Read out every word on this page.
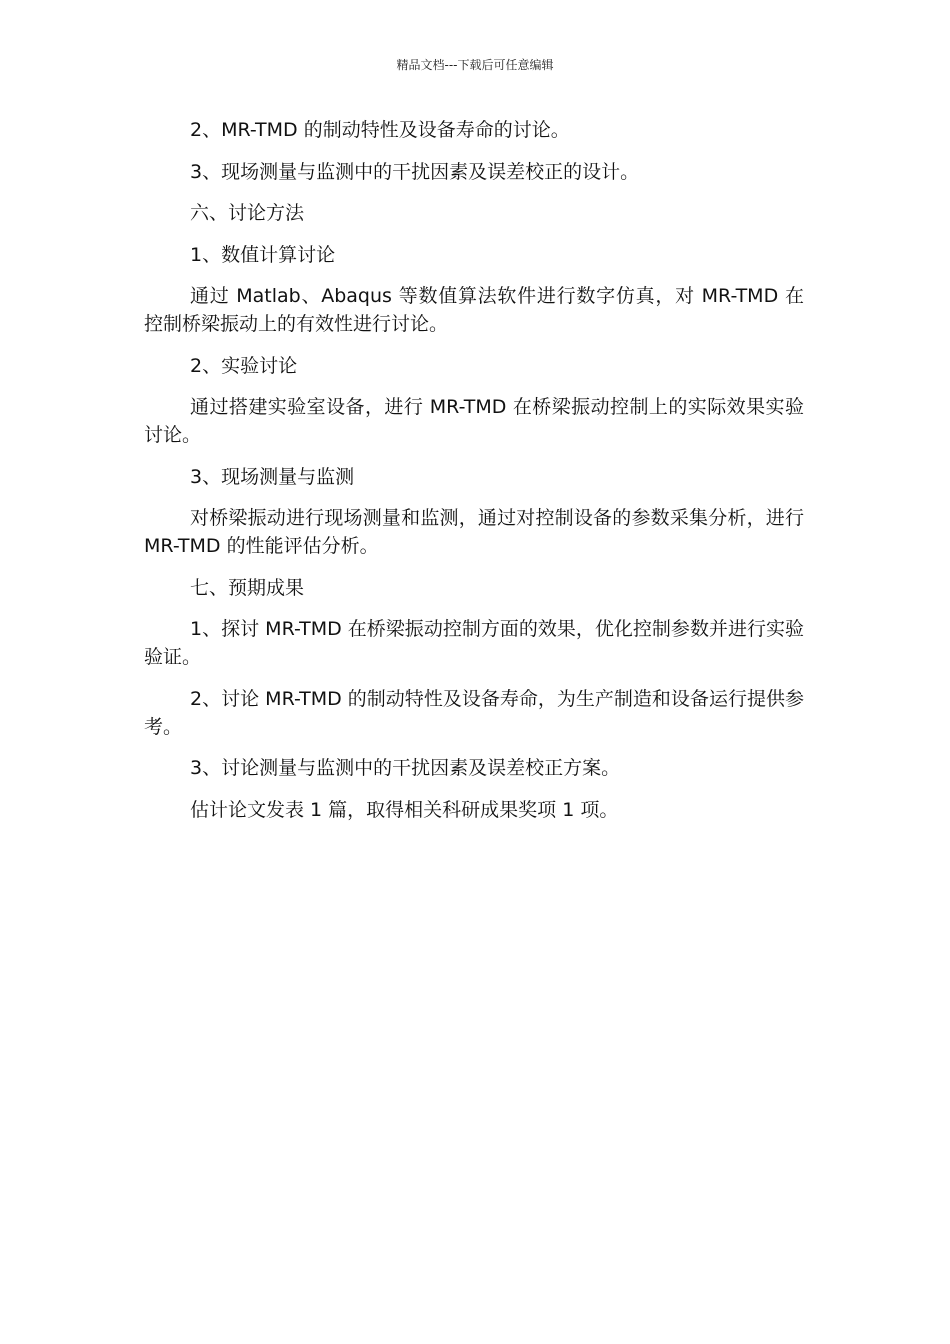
精品文档---下载后可任意编辑

2、MR-TMD 的制动特性及设备寿命的讨论。

3、现场测量与监测中的干扰因素及误差校正的设计。

六、讨论方法

1、数值计算讨论

通过 Matlab、Abaqus 等数值算法软件进行数字仿真，对 MR-TMD 在控制桥梁振动上的有效性进行讨论。

2、实验讨论

通过搭建实验室设备，进行 MR-TMD 在桥梁振动控制上的实际效果实验讨论。

3、现场测量与监测

对桥梁振动进行现场测量和监测，通过对控制设备的参数采集分析，进行 MR-TMD 的性能评估分析。

七、预期成果

1、探讨 MR-TMD 在桥梁振动控制方面的效果，优化控制参数并进行实验验证。

2、讨论 MR-TMD 的制动特性及设备寿命，为生产制造和设备运行提供参考。

3、讨论测量与监测中的干扰因素及误差校正方案。

估计论文发表 1 篇，取得相关科研成果奖项 1 项。
